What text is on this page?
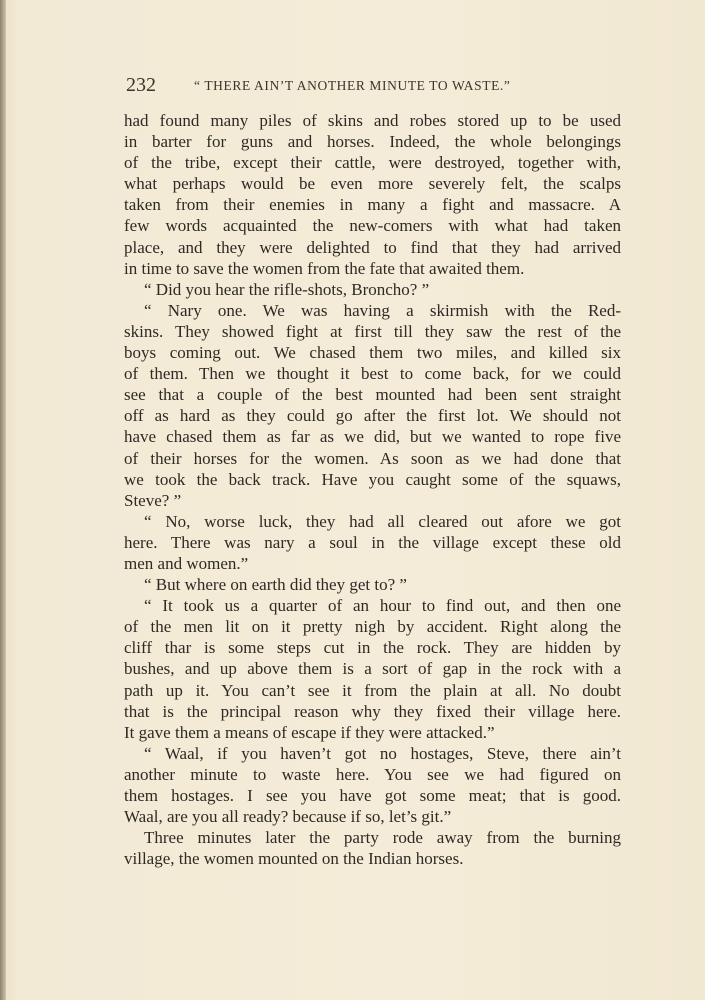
232	“ THERE AIN’T ANOTHER MINUTE TO WASTE.”
had found many piles of skins and robes stored up to be used
in barter for guns and horses. Indeed, the whole belongings
of the tribe, except their cattle, were destroyed, together with,
what perhaps would be even more severely felt, the scalps
taken from their enemies in many a fight and massacre. A
few words acquainted the new-comers with what had taken
place, and they were delighted to find that they had arrived
in time to save the women from the fate that awaited them.
“ Did you hear the rifle-shots, Broncho? ”
“ Nary one. We was having a skirmish with the Red-
skins. They showed fight at first till they saw the rest of the
boys coming out. We chased them two miles, and killed six
of them. Then we thought it best to come back, for we could
see that a couple of the best mounted had been sent straight
off as hard as they could go after the first lot. We should not
have chased them as far as we did, but we wanted to rope five
of their horses for the women. As soon as we had done that
we took the back track. Have you caught some of the squaws,
Steve? ”
“ No, worse luck, they had all cleared out afore we got
here. There was nary a soul in the village except these old
men and women.”
“ But where on earth did they get to? ”
“ It took us a quarter of an hour to find out, and then one
of the men lit on it pretty nigh by accident. Right along the
cliff thar is some steps cut in the rock. They are hidden by
bushes, and up above them is a sort of gap in the rock with a
path up it. You can’t see it from the plain at all. No doubt
that is the principal reason why they fixed their village here.
It gave them a means of escape if they were attacked.”
“ Waal, if you haven’t got no hostages, Steve, there ain’t
another minute to waste here. You see we had figured on
them hostages. I see you have got some meat; that is good.
Waal, are you all ready? because if so, let’s git.”
Three minutes later the party rode away from the burning
village, the women mounted on the Indian horses.
